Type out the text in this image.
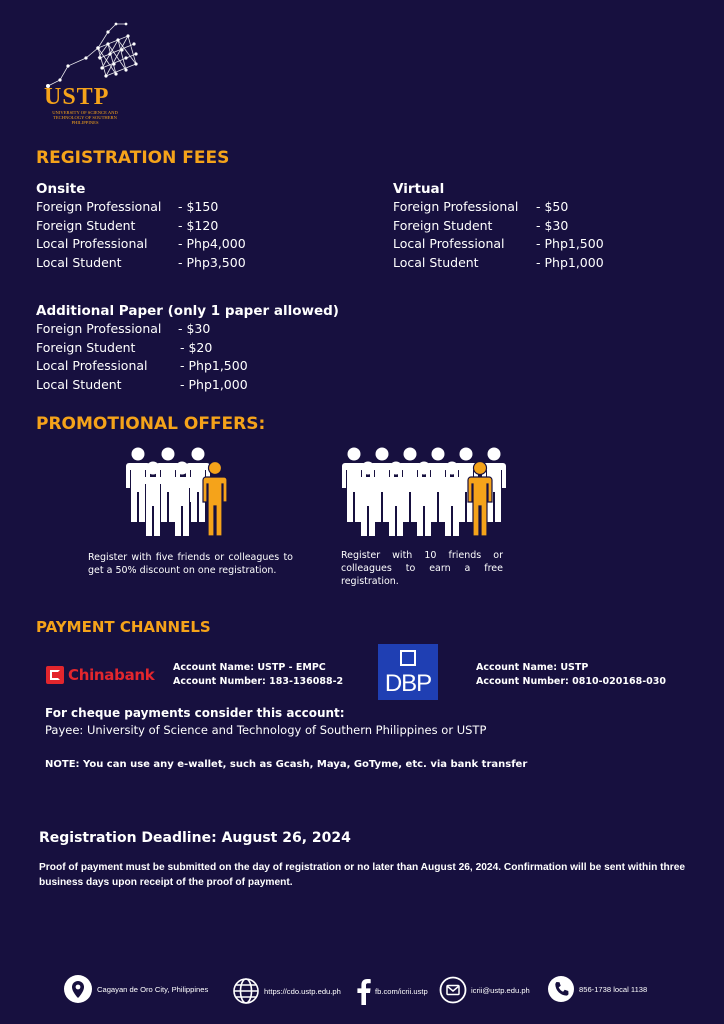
USTP
UNIVERSITY OF SCIENCE AND TECHNOLOGY OF SOUTHERN PHILIPPINES
REGISTRATION FEES
Onsite
Foreign Professional	- $150
Foreign Student	- $120
Local Professional	- Php4,000
Local Student	- Php3,500
Virtual
Foreign Professional	- $50
Foreign Student	- $30
Local Professional	- Php1,500
Local Student	- Php1,000
Additional Paper (only 1 paper allowed)
Foreign Professional	- $30
Foreign Student	- $20
Local Professional	- Php1,500
Local Student	- Php1,000
PROMOTIONAL OFFERS:
Register with five friends or colleagues to get a 50% discount on one registration.
Register with 10 friends or colleagues to earn a free registration.
PAYMENT CHANNELS
Chinabank Account Name: USTP - EMPC
Account Number: 183-136088-2 DBP
Account Name: USTP
Account Number: 0810-020168-030
For cheque payments consider this account:
Payee: University of Science and Technology of Southern Philippines or USTP
NOTE: You can use any e-wallet, such as Gcash, Maya, GoTyme, etc. via bank transfer
Registration Deadline: August 26, 2024
Proof of payment must be submitted on the day of registration or no later than August 26, 2024. Confirmation will be sent within three business days upon receipt of the proof of payment.
Cagayan de Oro City, Philippines	https://cdo.ustp.edu.ph	fb.com/icrii.ustp	icrii@ustp.edu.ph	856-1738 local 1138
